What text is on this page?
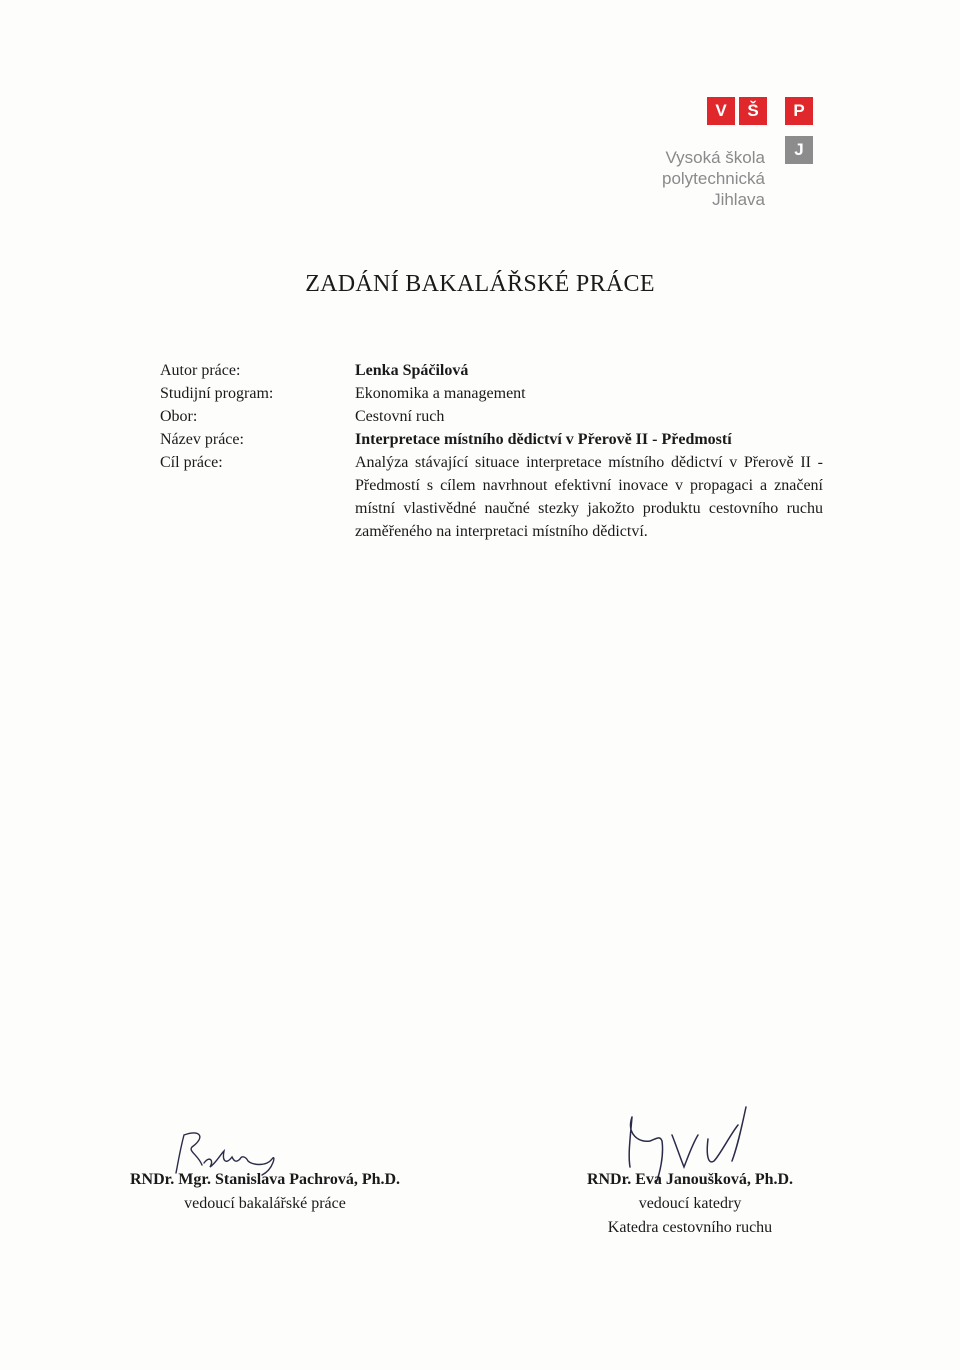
V	Š	P
J
Vysoká škola
polytechnická
Jihlava
ZADÁNÍ BAKALÁŘSKÉ PRÁCE
Autor práce:
Studijní program:
Obor:
Název práce:
Cíl práce:
Lenka Spáčilová
Ekonomika a management
Cestovní ruch
Interpretace místního dědictví v Přerově II - Předmostí
Analýza stávající situace interpretace místního dědictví v Přerově II - Předmostí s cílem navrhnout efektivní inovace v propagaci a značení místní vlastivědné naučné stezky jakožto produktu cestovního ruchu zaměřeného na interpretaci místního dědictví.
RNDr. Mgr. Stanislava Pachrová, Ph.D.
vedoucí bakalářské práce
RNDr. Eva Janoušková, Ph.D.
vedoucí katedry
Katedra cestovního ruchu
